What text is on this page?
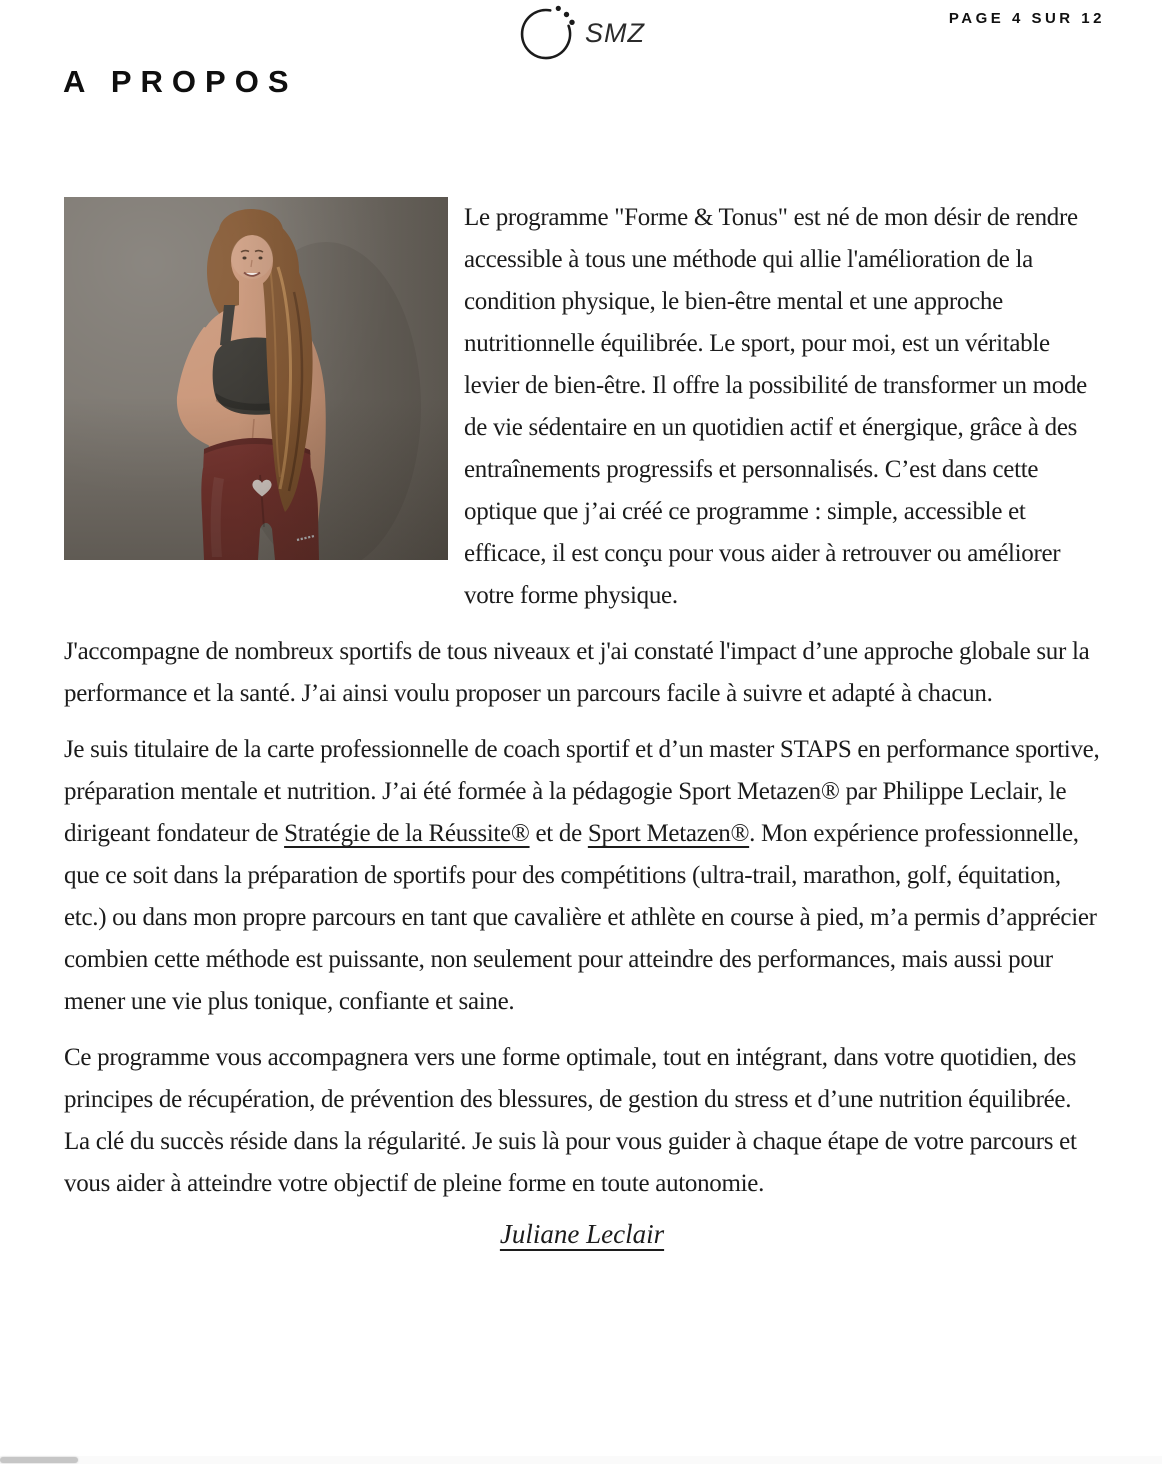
SMZ	PAGE 4 SUR 12
A PROPOS

Le programme "Forme & Tonus" est né de mon désir de rendre accessible à tous une méthode qui allie l'amélioration de la condition physique, le bien-être mental et une approche nutritionnelle équilibrée. Le sport, pour moi, est un véritable levier de bien-être. Il offre la possibilité de transformer un mode de vie sédentaire en un quotidien actif et énergique, grâce à des entraînements progressifs et personnalisés. C’est dans cette optique que j’ai créé ce programme : simple, accessible et efficace, il est conçu pour vous aider à retrouver ou améliorer votre forme physique.

J'accompagne de nombreux sportifs de tous niveaux et j'ai constaté l'impact d’une approche globale sur la performance et la santé. J’ai ainsi voulu proposer un parcours facile à suivre et adapté à chacun.

Je suis titulaire de la carte professionnelle de coach sportif et d’un master STAPS en performance sportive, préparation mentale et nutrition. J’ai été formée à la pédagogie Sport Metazen® par Philippe Leclair, le dirigeant fondateur de Stratégie de la Réussite® et de Sport Metazen®. Mon expérience professionnelle, que ce soit dans la préparation de sportifs pour des compétitions (ultra-trail, marathon, golf, équitation, etc.) ou dans mon propre parcours en tant que cavalière et athlète en course à pied, m’a permis d’apprécier combien cette méthode est puissante, non seulement pour atteindre des performances, mais aussi pour mener une vie plus tonique, confiante et saine.

Ce programme vous accompagnera vers une forme optimale, tout en intégrant, dans votre quotidien, des principes de récupération, de prévention des blessures, de gestion du stress et d’une nutrition équilibrée. La clé du succès réside dans la régularité. Je suis là pour vous guider à chaque étape de votre parcours et vous aider à atteindre votre objectif de pleine forme en toute autonomie.

Juliane Leclair
